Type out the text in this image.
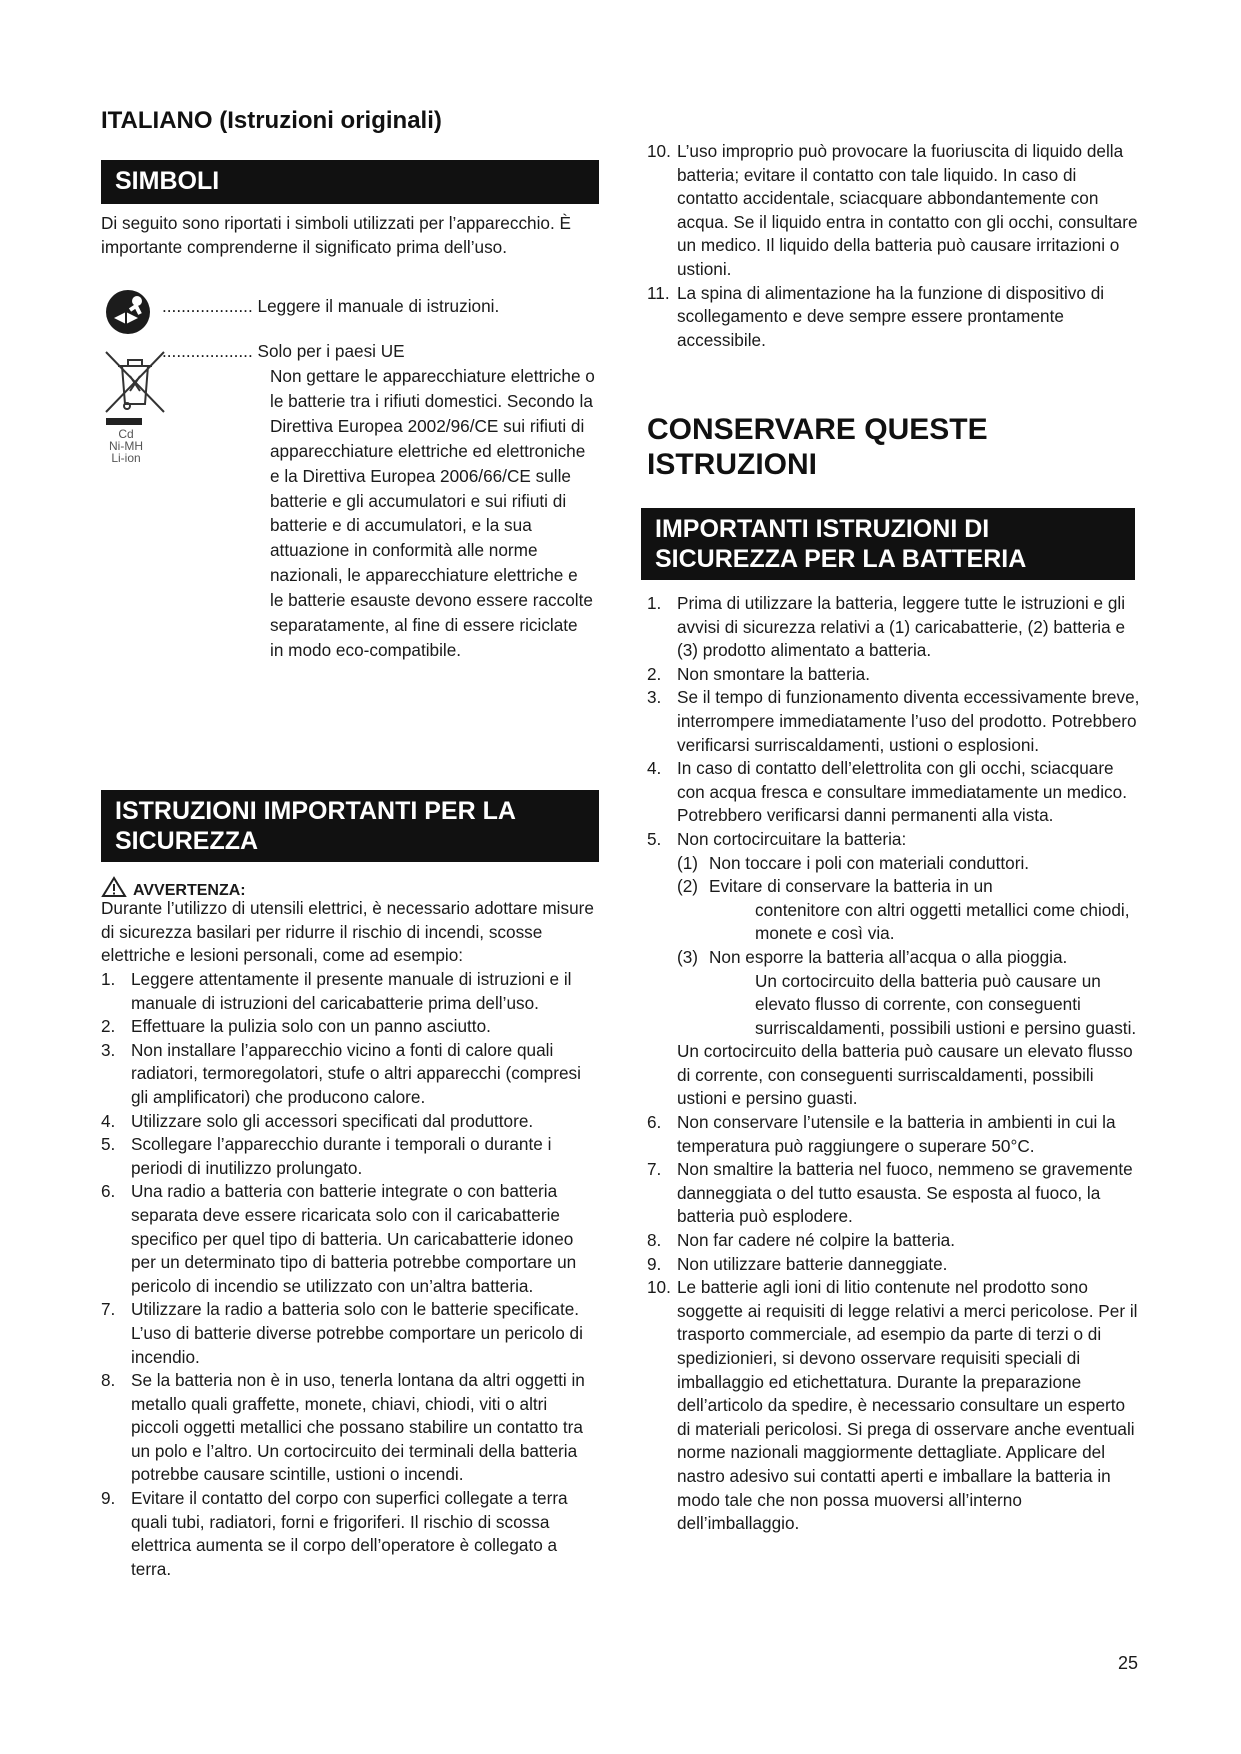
ITALIANO (Istruzioni originali)
SIMBOLI
Di seguito sono riportati i simboli utilizzati per l’apparecchio. È importante comprenderne il significato prima dell’uso.
................... Leggere il manuale di istruzioni.
Cd
Ni-MH
Li-ion
................... Solo per i paesi UE
Non gettare le apparecchiature elettriche o le batterie tra i rifiuti domestici. Secondo la Direttiva Europea 2002/96/CE sui rifiuti di apparecchiature elettriche ed elettroniche e la Direttiva Europea 2006/66/CE sulle batterie e gli accumulatori e sui rifiuti di batterie e di accumulatori, e la sua attuazione in conformità alle norme nazionali, le apparecchiature elettriche e le batterie esauste devono essere raccolte separatamente, al fine di essere riciclate in modo eco-compatibile.
ISTRUZIONI IMPORTANTI PER LA SICUREZZA
AVVERTENZA:
Durante l’utilizzo di utensili elettrici, è necessario adottare misure di sicurezza basilari per ridurre il rischio di incendi, scosse elettriche e lesioni personali, come ad esempio:
1. Leggere attentamente il presente manuale di istruzioni e il manuale di istruzioni del caricabatterie prima dell’uso.
2. Effettuare la pulizia solo con un panno asciutto.
3. Non installare l’apparecchio vicino a fonti di calore quali radiatori, termoregolatori, stufe o altri apparecchi (compresi gli amplificatori) che producono calore.
4. Utilizzare solo gli accessori specificati dal produttore.
5. Scollegare l’apparecchio durante i temporali o durante i periodi di inutilizzo prolungato.
6. Una radio a batteria con batterie integrate o con batteria separata deve essere ricaricata solo con il caricabatterie specifico per quel tipo di batteria. Un caricabatterie idoneo per un determinato tipo di batteria potrebbe comportare un pericolo di incendio se utilizzato con un’altra batteria.
7. Utilizzare la radio a batteria solo con le batterie specificate. L’uso di batterie diverse potrebbe comportare un pericolo di incendio.
8. Se la batteria non è in uso, tenerla lontana da altri oggetti in metallo quali graffette, monete, chiavi, chiodi, viti o altri piccoli oggetti metallici che possano stabilire un contatto tra un polo e l’altro. Un cortocircuito dei terminali della batteria potrebbe causare scintille, ustioni o incendi.
9. Evitare il contatto del corpo con superfici collegate a terra quali tubi, radiatori, forni e frigoriferi. Il rischio di scossa elettrica aumenta se il corpo dell’operatore è collegato a terra.
10. L’uso improprio può provocare la fuoriuscita di liquido della batteria; evitare il contatto con tale liquido. In caso di contatto accidentale, sciacquare abbondantemente con acqua. Se il liquido entra in contatto con gli occhi, consultare un medico. Il liquido della batteria può causare irritazioni o ustioni.
11. La spina di alimentazione ha la funzione di dispositivo di scollegamento e deve sempre essere prontamente accessibile.
CONSERVARE QUESTE
ISTRUZIONI
IMPORTANTI ISTRUZIONI DI SICUREZZA PER LA BATTERIA
1. Prima di utilizzare la batteria, leggere tutte le istruzioni e gli avvisi di sicurezza relativi a (1) caricabatterie, (2) batteria e (3) prodotto alimentato a batteria.
2. Non smontare la batteria.
3. Se il tempo di funzionamento diventa eccessivamente breve, interrompere immediatamente l’uso del prodotto. Potrebbero verificarsi surriscaldamenti, ustioni o esplosioni.
4. In caso di contatto dell’elettrolita con gli occhi, sciacquare con acqua fresca e consultare immediatamente un medico. Potrebbero verificarsi danni permanenti alla vista.
5. Non cortocircuitare la batteria:
(1) Non toccare i poli con materiali conduttori.
(2) Evitare di conservare la batteria in un
contenitore con altri oggetti metallici come chiodi, monete e così via.
(3) Non esporre la batteria all’acqua o alla pioggia.
Un cortocircuito della batteria può causare un elevato flusso di corrente, con conseguenti surriscaldamenti, possibili ustioni e persino guasti.
Un cortocircuito della batteria può causare un elevato flusso di corrente, con conseguenti surriscaldamenti, possibili ustioni e persino guasti.
6. Non conservare l’utensile e la batteria in ambienti in cui la temperatura può raggiungere o superare 50°C.
7. Non smaltire la batteria nel fuoco, nemmeno se gravemente danneggiata o del tutto esausta. Se esposta al fuoco, la batteria può esplodere.
8. Non far cadere né colpire la batteria.
9. Non utilizzare batterie danneggiate.
10. Le batterie agli ioni di litio contenute nel prodotto sono soggette ai requisiti di legge relativi a merci pericolose. Per il trasporto commerciale, ad esempio da parte di terzi o di spedizionieri, si devono osservare requisiti speciali di imballaggio ed etichettatura. Durante la preparazione dell’articolo da spedire, è necessario consultare un esperto di materiali pericolosi. Si prega di osservare anche eventuali norme nazionali maggiormente dettagliate. Applicare del nastro adesivo sui contatti aperti e imballare la batteria in modo tale che non possa muoversi all’interno dell’imballaggio.
25
